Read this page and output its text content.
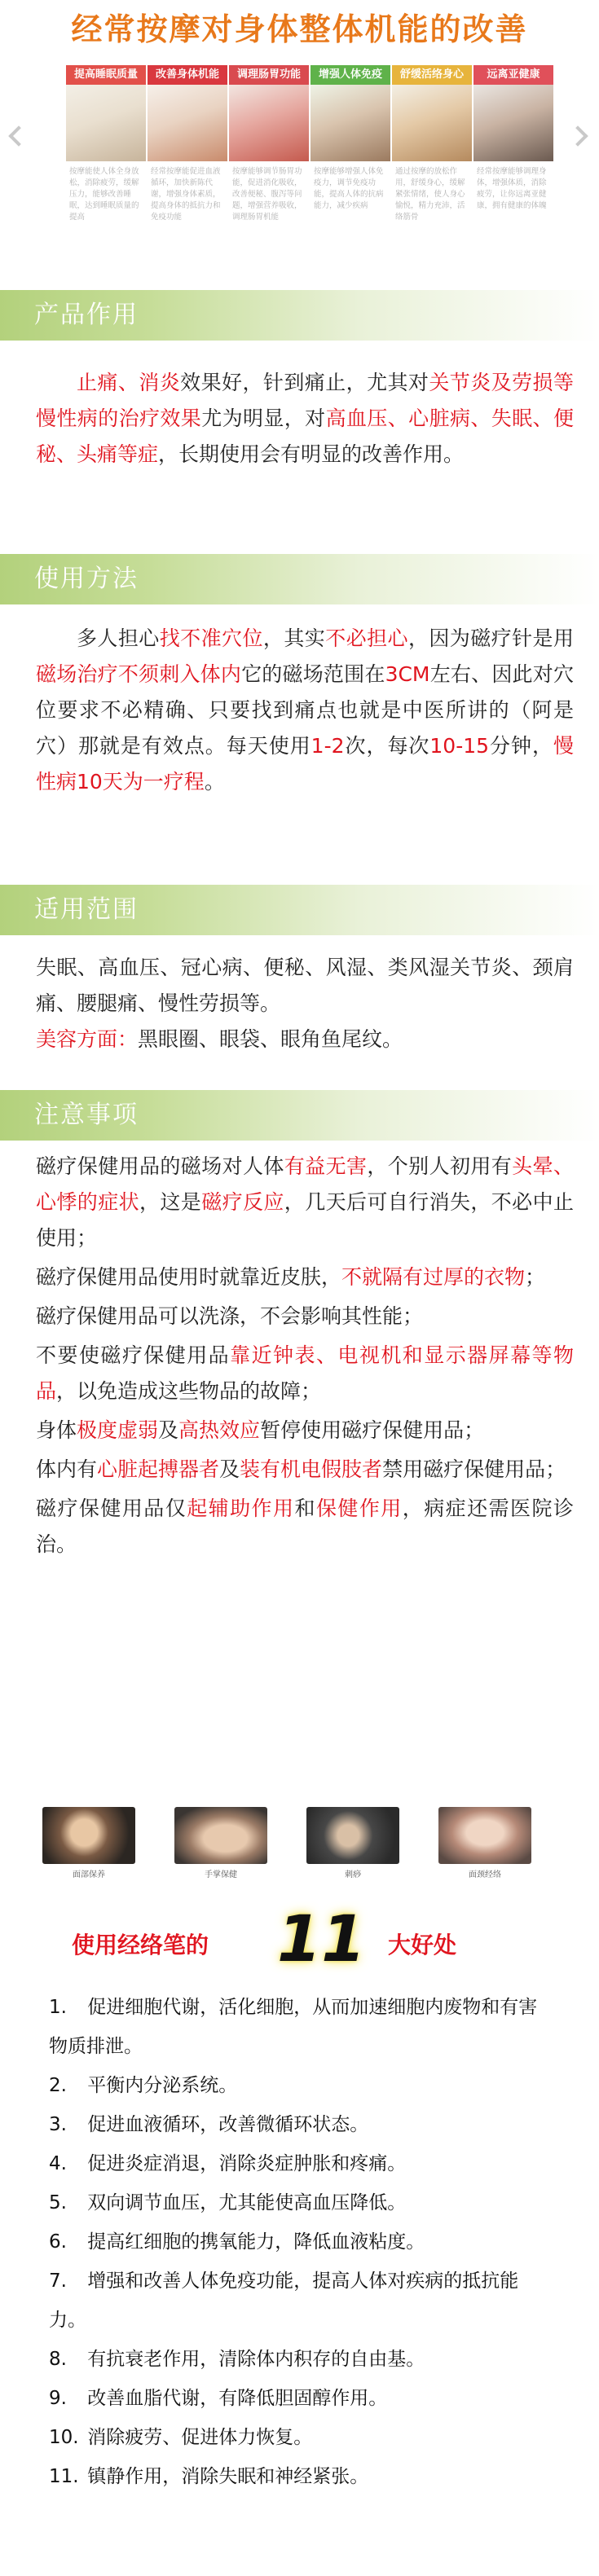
经常按摩对身体整体机能的改善
提高睡眠质量
按摩能使人体全身放松，消除疲劳，缓解压力，能够改善睡眠，达到睡眠质量的提高
改善身体机能
经常按摩能促进血液循环，加快新陈代谢，增强身体素质，提高身体的抵抗力和免疫功能
调理肠胃功能
按摩能够调节肠胃功能，促进消化吸收，改善便秘、腹泻等问题，增强营养吸收，调理肠胃机能
增强人体免疫
按摩能够增强人体免疫力，调节免疫功能，提高人体的抗病能力，减少疾病
舒缓活络身心
通过按摩的放松作用，舒缓身心，缓解紧张情绪，使人身心愉悦，精力充沛，活络筋骨
远离亚健康
经常按摩能够调理身体，增强体质，消除疲劳，让你远离亚健康，拥有健康的体魄
产品作用
止痛、消炎效果好，针到痛止，尤其对关节炎及劳损等慢性病的治疗效果尤为明显，对高血压、心脏病、失眠、便秘、头痛等症，长期使用会有明显的改善作用。
使用方法
多人担心找不准穴位，其实不必担心，因为磁疗针是用磁场治疗不须刺入体内它的磁场范围在3CM左右、因此对穴位要求不必精确、只要找到痛点也就是中医所讲的（阿是穴）那就是有效点。每天使用1-2次，每次10-15分钟，慢性病10天为一疗程。
适用范围
失眠、高血压、冠心病、便秘、风湿、类风湿关节炎、颈肩痛、腰腿痛、慢性劳损等。
美容方面：黑眼圈、眼袋、眼角鱼尾纹。
注意事项
磁疗保健用品的磁场对人体有益无害，个别人初用有头晕、心悸的症状，这是磁疗反应，几天后可自行消失，不必中止使用；
磁疗保健用品使用时就靠近皮肤，不就隔有过厚的衣物；
磁疗保健用品可以洗涤，不会影响其性能；
不要使磁疗保健用品靠近钟表、电视机和显示器屏幕等物品，以免造成这些物品的故障；
身体极度虚弱及高热效应暂停使用磁疗保健用品；
体内有心脏起搏器者及装有机电假肢者禁用磁疗保健用品；
磁疗保健用品仅起辅助作用和保健作用，病症还需医院诊治。
面部保养	手掌保健	刺痧	面颈经络
使用经络笔的 11 大好处
1. 促进细胞代谢，活化细胞，从而加速细胞内废物和有害物质排泄。
2. 平衡内分泌系统。
3. 促进血液循环，改善微循环状态。
4. 促进炎症消退，消除炎症肿胀和疼痛。
5. 双向调节血压，尤其能使高血压降低。
6. 提高红细胞的携氧能力，降低血液粘度。
7. 增强和改善人体免疫功能，提高人体对疾病的抵抗能力。
8. 有抗衰老作用，清除体内积存的自由基。
9. 改善血脂代谢，有降低胆固醇作用。
10. 消除疲劳、促进体力恢复。
11. 镇静作用，消除失眠和神经紧张。
